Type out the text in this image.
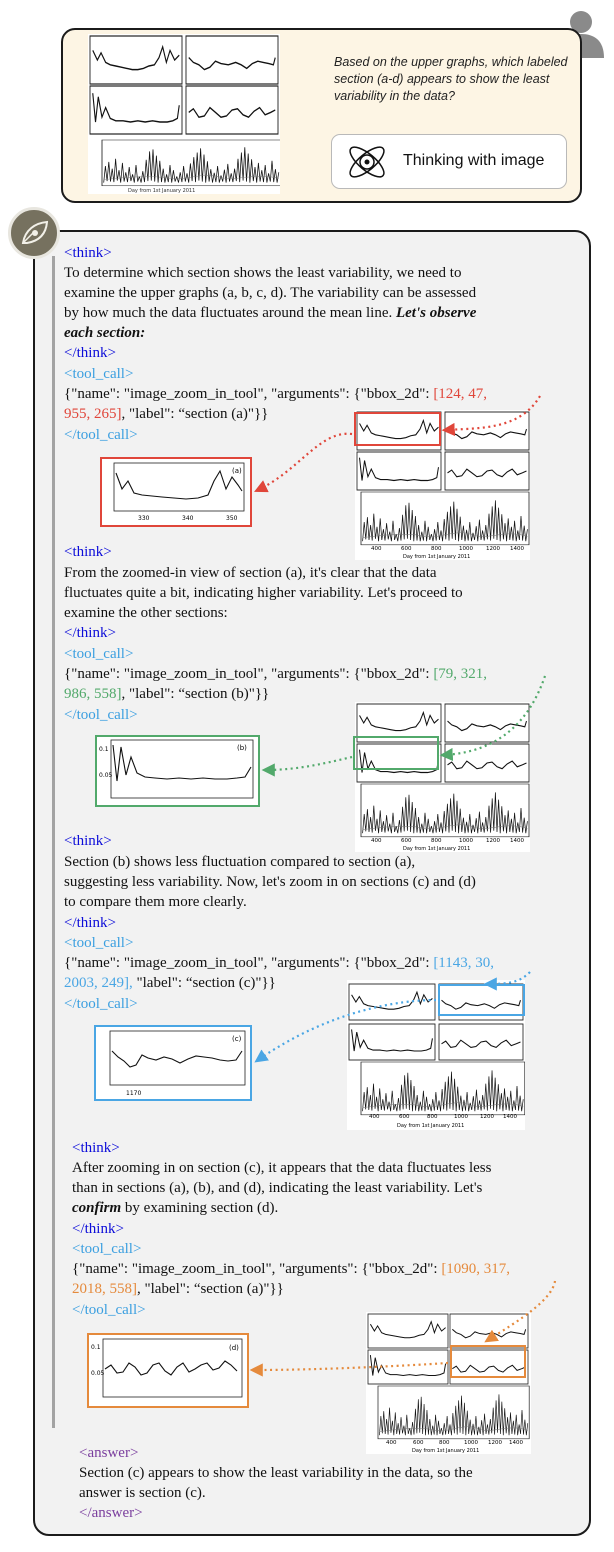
Day from 1st January 2011
Based on the upper graphs, which labeled section (a-d) appears to show the least variability in the data?
Thinking with image
<think>
To determine which section shows the least variability, we need to
examine the upper graphs (a, b, c, d). The variability can be assessed
by how much the data fluctuates around the mean line. Let's observe
each section:
</think>
<tool_call>
{"name": "image_zoom_in_tool", "arguments": {"bbox_2d": [124, 47,
955, 265], "label": “section (a)"}}
</tool_call>
400	600	800	1000 1200 1400
Day from 1st January 2011
(a)
330	340	350
<think>
From the zoomed-in view of section (a), it's clear that the data
fluctuates quite a bit, indicating higher variability. Let's proceed to
examine the other sections:
</think>
<tool_call>
{"name": "image_zoom_in_tool", "arguments": {"bbox_2d": [79, 321,
986, 558], "label": “section (b)"}}
</tool_call>
400	600	800	1000 1200 1400
Day from 1st January 2011
(b)
0.1
0.05
<think>
Section (b) shows less fluctuation compared to section (a),
suggesting less variability. Now, let's zoom in on sections (c) and (d)
to compare them more clearly.
</think>
<tool_call>
{"name": "image_zoom_in_tool", "arguments": {"bbox_2d": [1143, 30,
2003, 249], "label": “section (c)"}}
</tool_call>
400	600	800	1000 1200 1400
Day from 1st January 2011
(c)
1170
<think>
After zooming in on section (c), it appears that the data fluctuates less
than in sections (a), (b), and (d), indicating the least variability. Let's
confirm by examining section (d).
</think>
<tool_call>
{"name": "image_zoom_in_tool", "arguments": {"bbox_2d": [1090, 317,
2018, 558], "label": “section (a)"}}
</tool_call>
400	600	800	1000 1200 1400
Day from 1st January 2011
(d)
0.1
0.05
<answer>
Section (c) appears to show the least variability in the data, so the
answer is section (c).
</answer>
